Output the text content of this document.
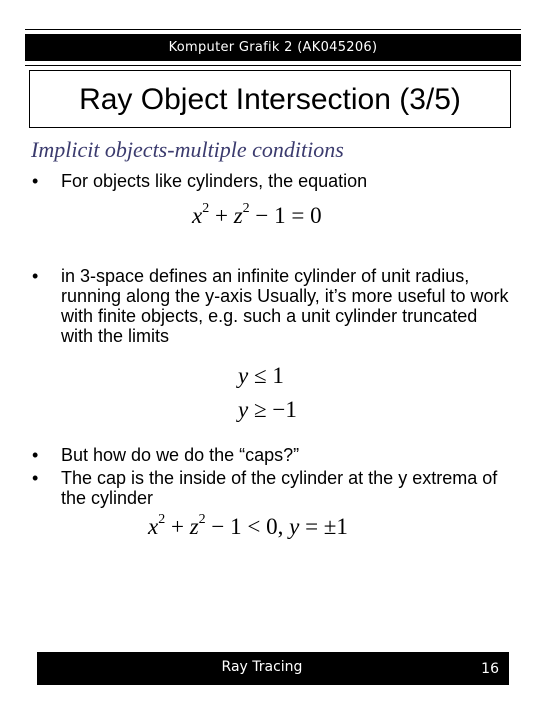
Komputer Grafik 2 (AK045206)
Ray Object Intersection (3/5)
Implicit objects-multiple conditions
• For objects like cylinders, the equation
$x^2 + z^2 - 1 = 0$
• in 3-space defines an infinite cylinder of unit radius, running along the y-axis Usually, it’s more useful to work with finite objects, e.g. such a unit cylinder truncated with the limits
y ≤ 1
y ≥ −1
• But how do we do the “caps?”
• The cap is the inside of the cylinder at the y extrema of the cylinder
$x^2 + z^2 - 1 < 0$, y = ±1
Ray Tracing	16
